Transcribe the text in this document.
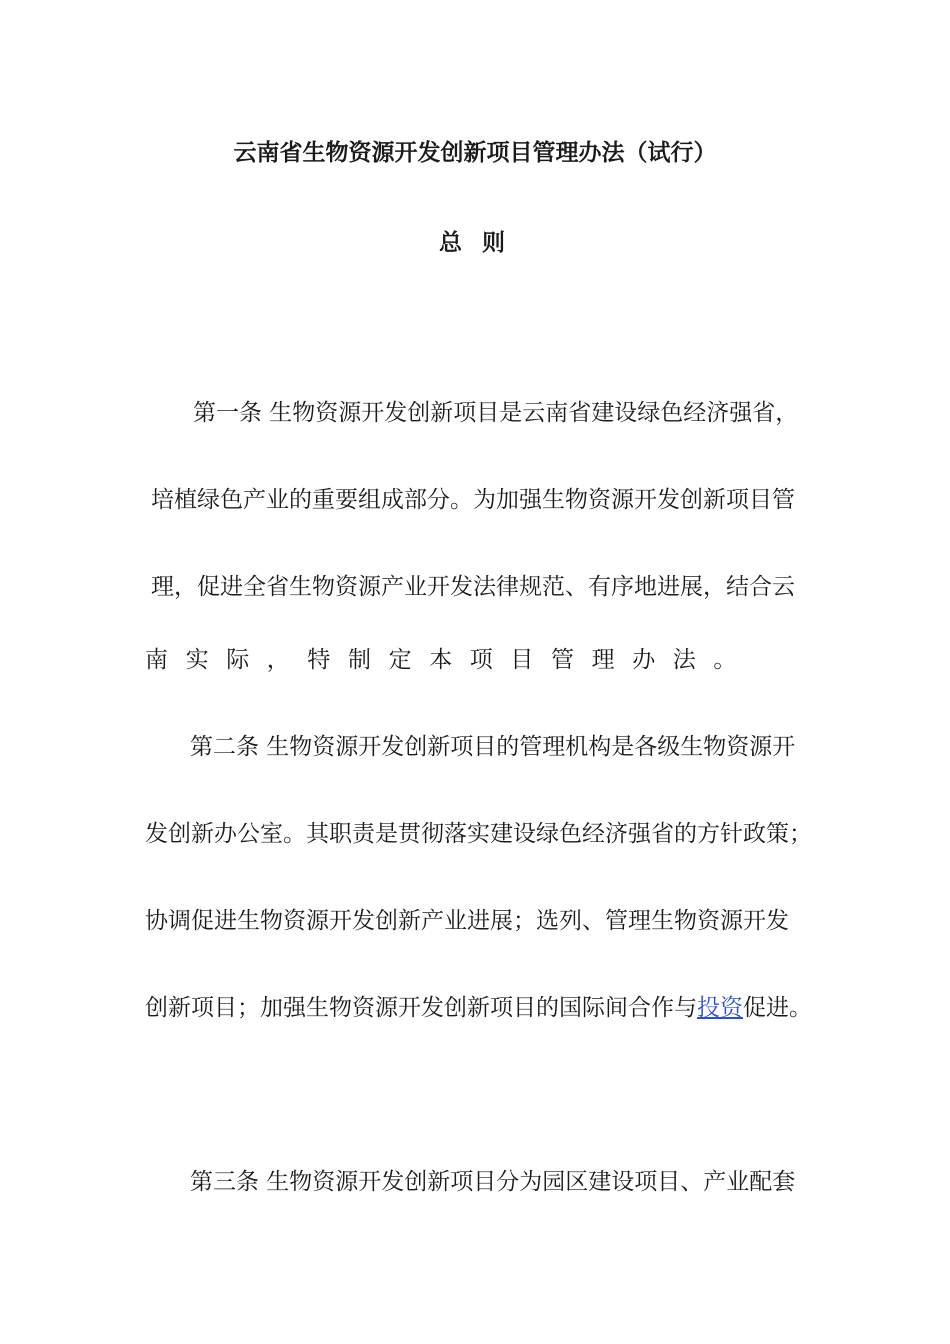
云南省生物资源开发创新项目管理办法（试行）
总 则
第一条 生物资源开发创新项目是云南省建设绿色经济强省，
培植绿色产业的重要组成部分。为加强生物资源开发创新项目管
理，促进全省生物资源产业开发法律规范、有序地进展，结合云
南实际，特制定本项目管理办法。
第二条 生物资源开发创新项目的管理机构是各级生物资源开
发创新办公室。其职责是贯彻落实建设绿色经济强省的方针政策；
协调促进生物资源开发创新产业进展；选列、管理生物资源开发
创新项目；加强生物资源开发创新项目的国际间合作与投资促进。
第三条 生物资源开发创新项目分为园区建设项目、产业配套
